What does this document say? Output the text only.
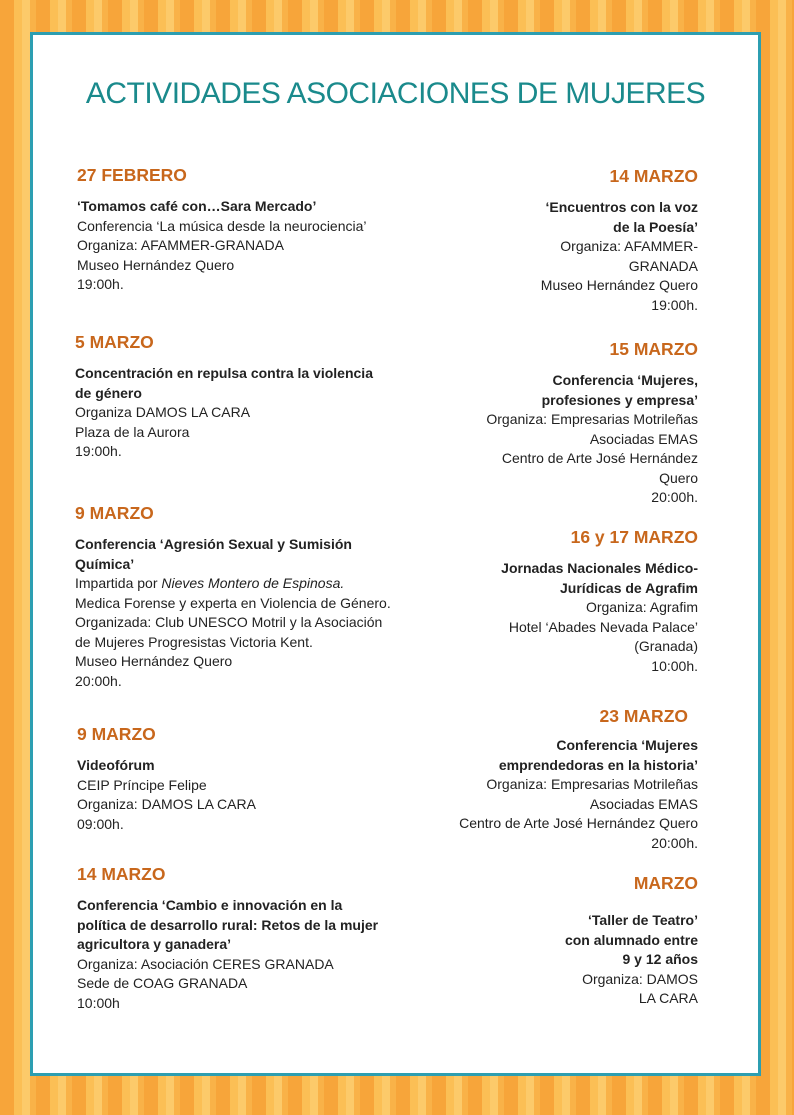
ACTIVIDADES ASOCIACIONES DE MUJERES
27 FEBRERO
‘Tomamos café con…Sara Mercado’
Conferencia ‘La música desde la neurociencia’
Organiza: AFAMMER-GRANADA
Museo Hernández Quero
19:00h.
5 MARZO
Concentración en repulsa contra la violencia
de género
Organiza DAMOS LA CARA
Plaza de la Aurora
19:00h.
9 MARZO
Conferencia ‘Agresión Sexual y Sumisión
Química’
Impartida por Nieves Montero de Espinosa.
Medica Forense y experta en Violencia de Género.
Organizada: Club UNESCO Motril y la Asociación
de Mujeres Progresistas Victoria Kent.
Museo Hernández Quero
20:00h.
9 MARZO
Videofórum
CEIP Príncipe Felipe
Organiza: DAMOS LA CARA
09:00h.
14 MARZO
Conferencia ‘Cambio e innovación en la
política de desarrollo rural: Retos de la mujer
agricultora y ganadera’
Organiza: Asociación CERES GRANADA
Sede de COAG GRANADA
10:00h
14 MARZO
‘Encuentros con la voz
de la Poesía’
Organiza: AFAMMER-
GRANADA
Museo Hernández Quero
19:00h.
15 MARZO
Conferencia ‘Mujeres,
profesiones y empresa’
Organiza: Empresarias Motrileñas
Asociadas EMAS
Centro de Arte José Hernández
Quero
20:00h.
16 y 17 MARZO
Jornadas Nacionales Médico-
Jurídicas de Agrafim
Organiza: Agrafim
Hotel ‘Abades Nevada Palace’
(Granada)
10:00h.
23 MARZO
Conferencia ‘Mujeres
emprendedoras en la historia’
Organiza: Empresarias Motrileñas
Asociadas EMAS
Centro de Arte José Hernández Quero
20:00h.
MARZO
‘Taller de Teatro’
con alumnado entre
9 y 12 años
Organiza: DAMOS
LA CARA
